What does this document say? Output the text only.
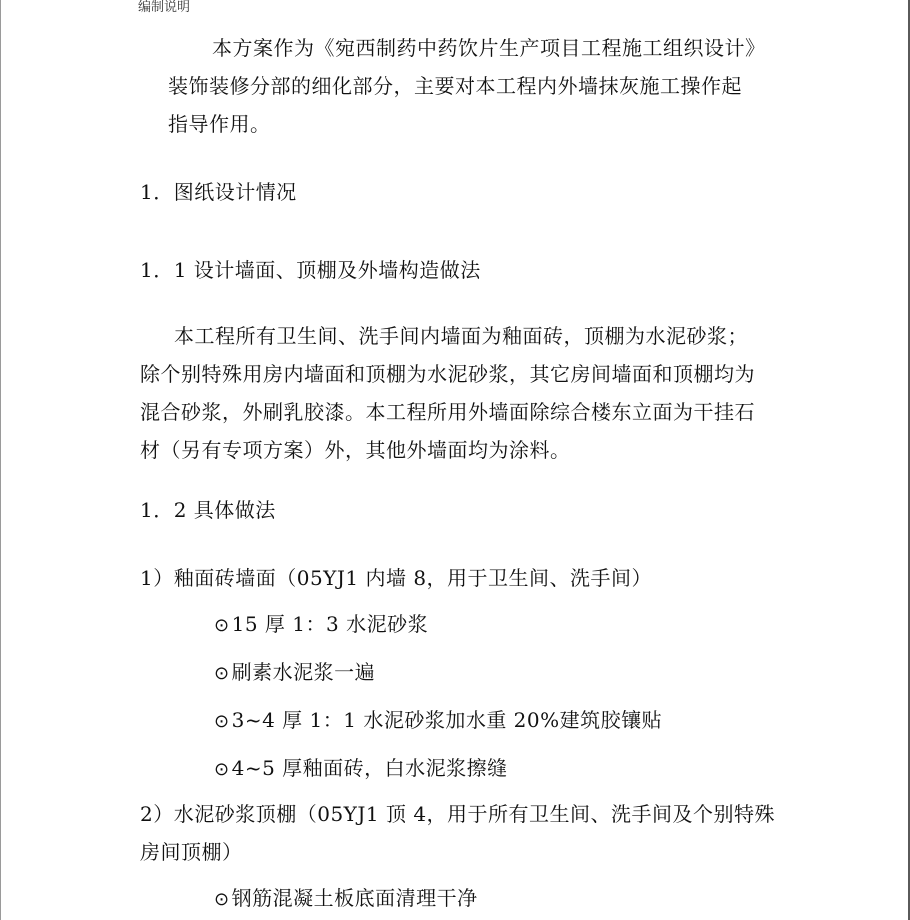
编制说明
本方案作为《宛西制药中药饮片生产项目工程施工组织设计》
装饰装修分部的细化部分，主要对本工程内外墙抹灰施工操作起
指导作用。
1．图纸设计情况
1．1 设计墙面、顶棚及外墙构造做法
本工程所有卫生间、洗手间内墙面为釉面砖，顶棚为水泥砂浆；
除个别特殊用房内墙面和顶棚为水泥砂浆，其它房间墙面和顶棚均为
混合砂浆，外刷乳胶漆。本工程所用外墙面除综合楼东立面为干挂石
材（另有专项方案）外，其他外墙面均为涂料。
1．2 具体做法
1）釉面砖墙面（05YJ1 内墙 8，用于卫生间、洗手间）
⊙ 15 厚 1：3 水泥砂浆
⊙ 刷素水泥浆一遍
⊙ 3~4 厚 1：1 水泥砂浆加水重 20%建筑胶镶贴
⊙ 4~5 厚釉面砖，白水泥浆擦缝
2）水泥砂浆顶棚（05YJ1 顶 4，用于所有卫生间、洗手间及个别特殊
房间顶棚）
⊙ 钢筋混凝土板底面清理干净
